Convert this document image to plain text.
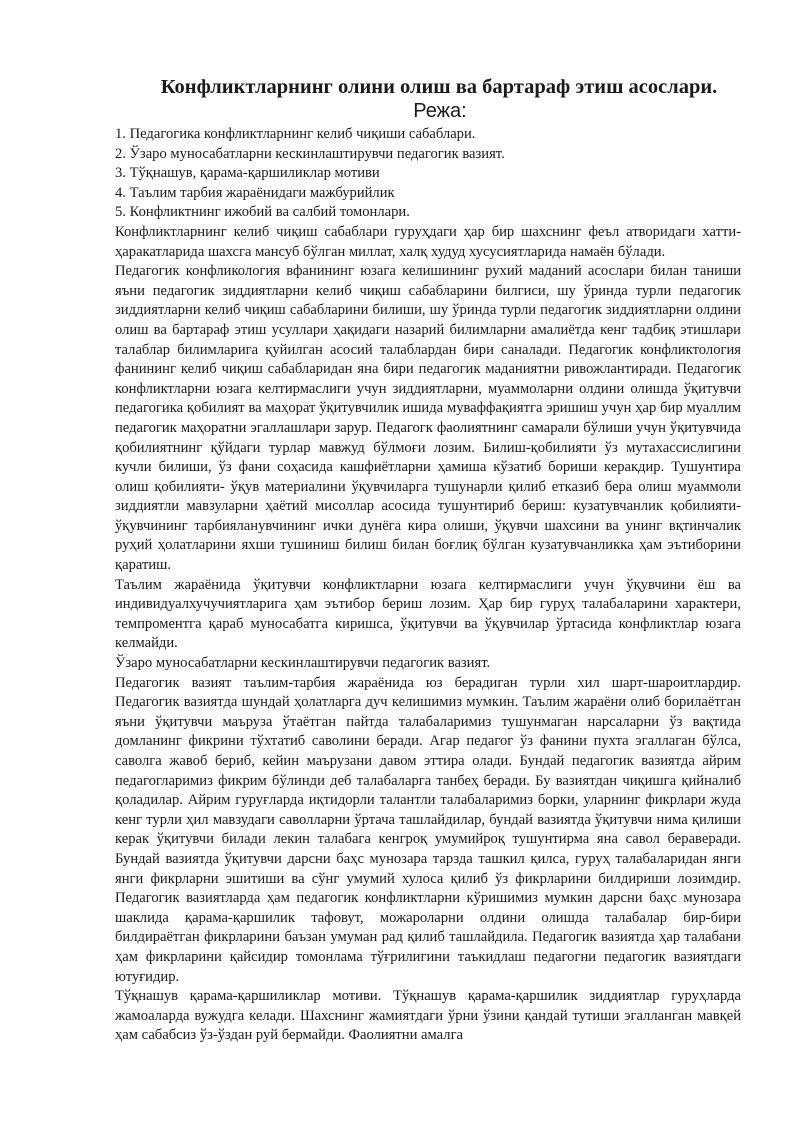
Конфликтларнинг олини олиш ва бартараф этиш асослари.
Режа:
1. Педагогика конфликтларнинг келиб чиқиши сабаблари.
2. Ўзаро муносабатларни кескинлаштирувчи педагогик вазият.
3. Тўқнашув, қарама-қаршиликлар мотиви
4. Таълим тарбия жараёнидаги мажбурийлик
5. Конфликтнинг ижобий ва салбий томонлари.

Конфликтларнинг келиб чиқиш сабаблари гуруҳдаги ҳар бир шахснинг феъл атворидаги хатти-ҳаракатларида шахсга мансуб бўлган миллат, халқ худуд хусусиятларида намаён бўлади.

Педагогик конфликология вфанининг юзага келишининг рухий маданий асослари билан таниши яъни педагогик зиддиятларни келиб чиқиш сабабларини билгиси, шу ўринда турли педагогик зиддиятларни келиб чиқиш сабабларини билиши, шу ўринда турли педагогик зиддиятларни олдини олиш ва бартараф этиш усуллари ҳақидаги назарий билимларни амалиётда кенг тадбиқ этишлари талаблар билимларига қуйилган асосий талаблардан бири саналади. Педагогик конфликтология фанининг келиб чиқиш сабабларидан яна бири педагогик маданиятни ривожлантиради. Педагогик конфликтларни юзага келтирмаслиги учун зиддиятларни, муаммоларни олдини олишда ўқитувчи педагогика қобилият ва маҳорат ўқитувчилик ишида муваффақиятга эришиш учун ҳар бир муаллим педагогик маҳоратни эгаллашлари зарур. Педагогк фаолиятнинг самарали бўлиши учун ўқитувчида қобилиятнинг қўйдаги турлар мавжуд бўлмоғи лозим. Билиш-қобилияти ўз мутахассислигини кучли билиши, ўз фани соҳасида кашфиётларни ҳамиша кўзатиб бориши керакдир. Тушунтира олиш қобилияти- ўқув материалини ўқувчиларга тушунарли қилиб етказиб бера олиш муаммоли зиддиятли мавзуларни ҳаётий мисоллар асосида тушунтириб бериш: кузатувчанлик қобилияти-ўқувчининг тарбияланувчининг ички дунёга кира олиши, ўқувчи шахсини ва унинг вқтинчалик руҳий ҳолатларини яхши тушиниш билиш билан боғлиқ бўлган кузатувчанликка ҳам эътиборини қаратиш.

Таълим жараёнида ўқитувчи конфликтларни юзага келтирмаслиги учун ўқувчини ёш ва индивидуалхучучиятларига ҳам эътибор бериш лозим. Ҳар бир гуруҳ талабаларини характери, темпроментга қараб муносабатга киришса, ўқитувчи ва ўқувчилар ўртасида конфликтлар юзага келмайди.

Ўзаро муносабатларни кескинлаштирувчи педагогик вазият.

Педагогик вазият таълим-тарбия жараёнида юз берадиган турли хил шарт-шароитлардир. Педагогик вазиятда шундай ҳолатларга дуч келишимиз мумкин. Таълим жараёни олиб борилаётган яъни ўқитувчи маъруза ўтаётган пайтда талабаларимиз тушунмаган нарсаларни ўз вақтида домланинг фикрини тўхтатиб саволини беради. Агар педагог ўз фанини пухта эгаллаган бўлса, саволга жавоб бериб, кейин маърузани давом эттира олади. Бундай педагогик вазиятда айрим педагогларимиз фикрим бўлинди деб талабаларга танбеҳ беради. Бу вазиятдан чиқишга қийналиб қоладилар. Айрим гуруғларда иқтидорли талантли талабаларимиз борки, уларнинг фикрлари жуда кенг турли ҳил мавзудаги саволларни ўртача ташлайдилар, бундай вазиятда ўқитувчи нима қилиши керак ўқитувчи билади лекин талабага кенгроқ умумийроқ тушунтирма яна савол бераверади. Бундай вазиятда ўқитувчи дарсни баҳс мунозара тарзда ташкил қилса, гуруҳ талабаларидан янги янги фикрларни эшитиши ва сўнг умумий хулоса қилиб ўз фикрларини билдириши лозимдир. Педагогик вазиятларда ҳам педагогик конфликтларни кўришимиз мумкин дарсни баҳс мунозара шаклида қарама-қаршилик тафовут, можароларни олдини олишда талабалар бир-бири билдираётган фикрларини баъзан умуман рад қилиб ташлайдила. Педагогик вазиятда ҳар талабани ҳам фикрларини қайсидир томонлама тўғрилигини таъкидлаш педагогни педагогик вазиятдаги ютуғидир.

Тўқнашув қарама-қаршиликлар мотиви. Тўқнашув қарама-қаршилик зиддиятлар гуруҳларда жамоаларда вужудга келади. Шахснинг жамиятдаги ўрни ўзини қандай тутиши эгалланган мавқей ҳам сабабсиз ўз-ўздан руй бермайди. Фаолиятни амалга
